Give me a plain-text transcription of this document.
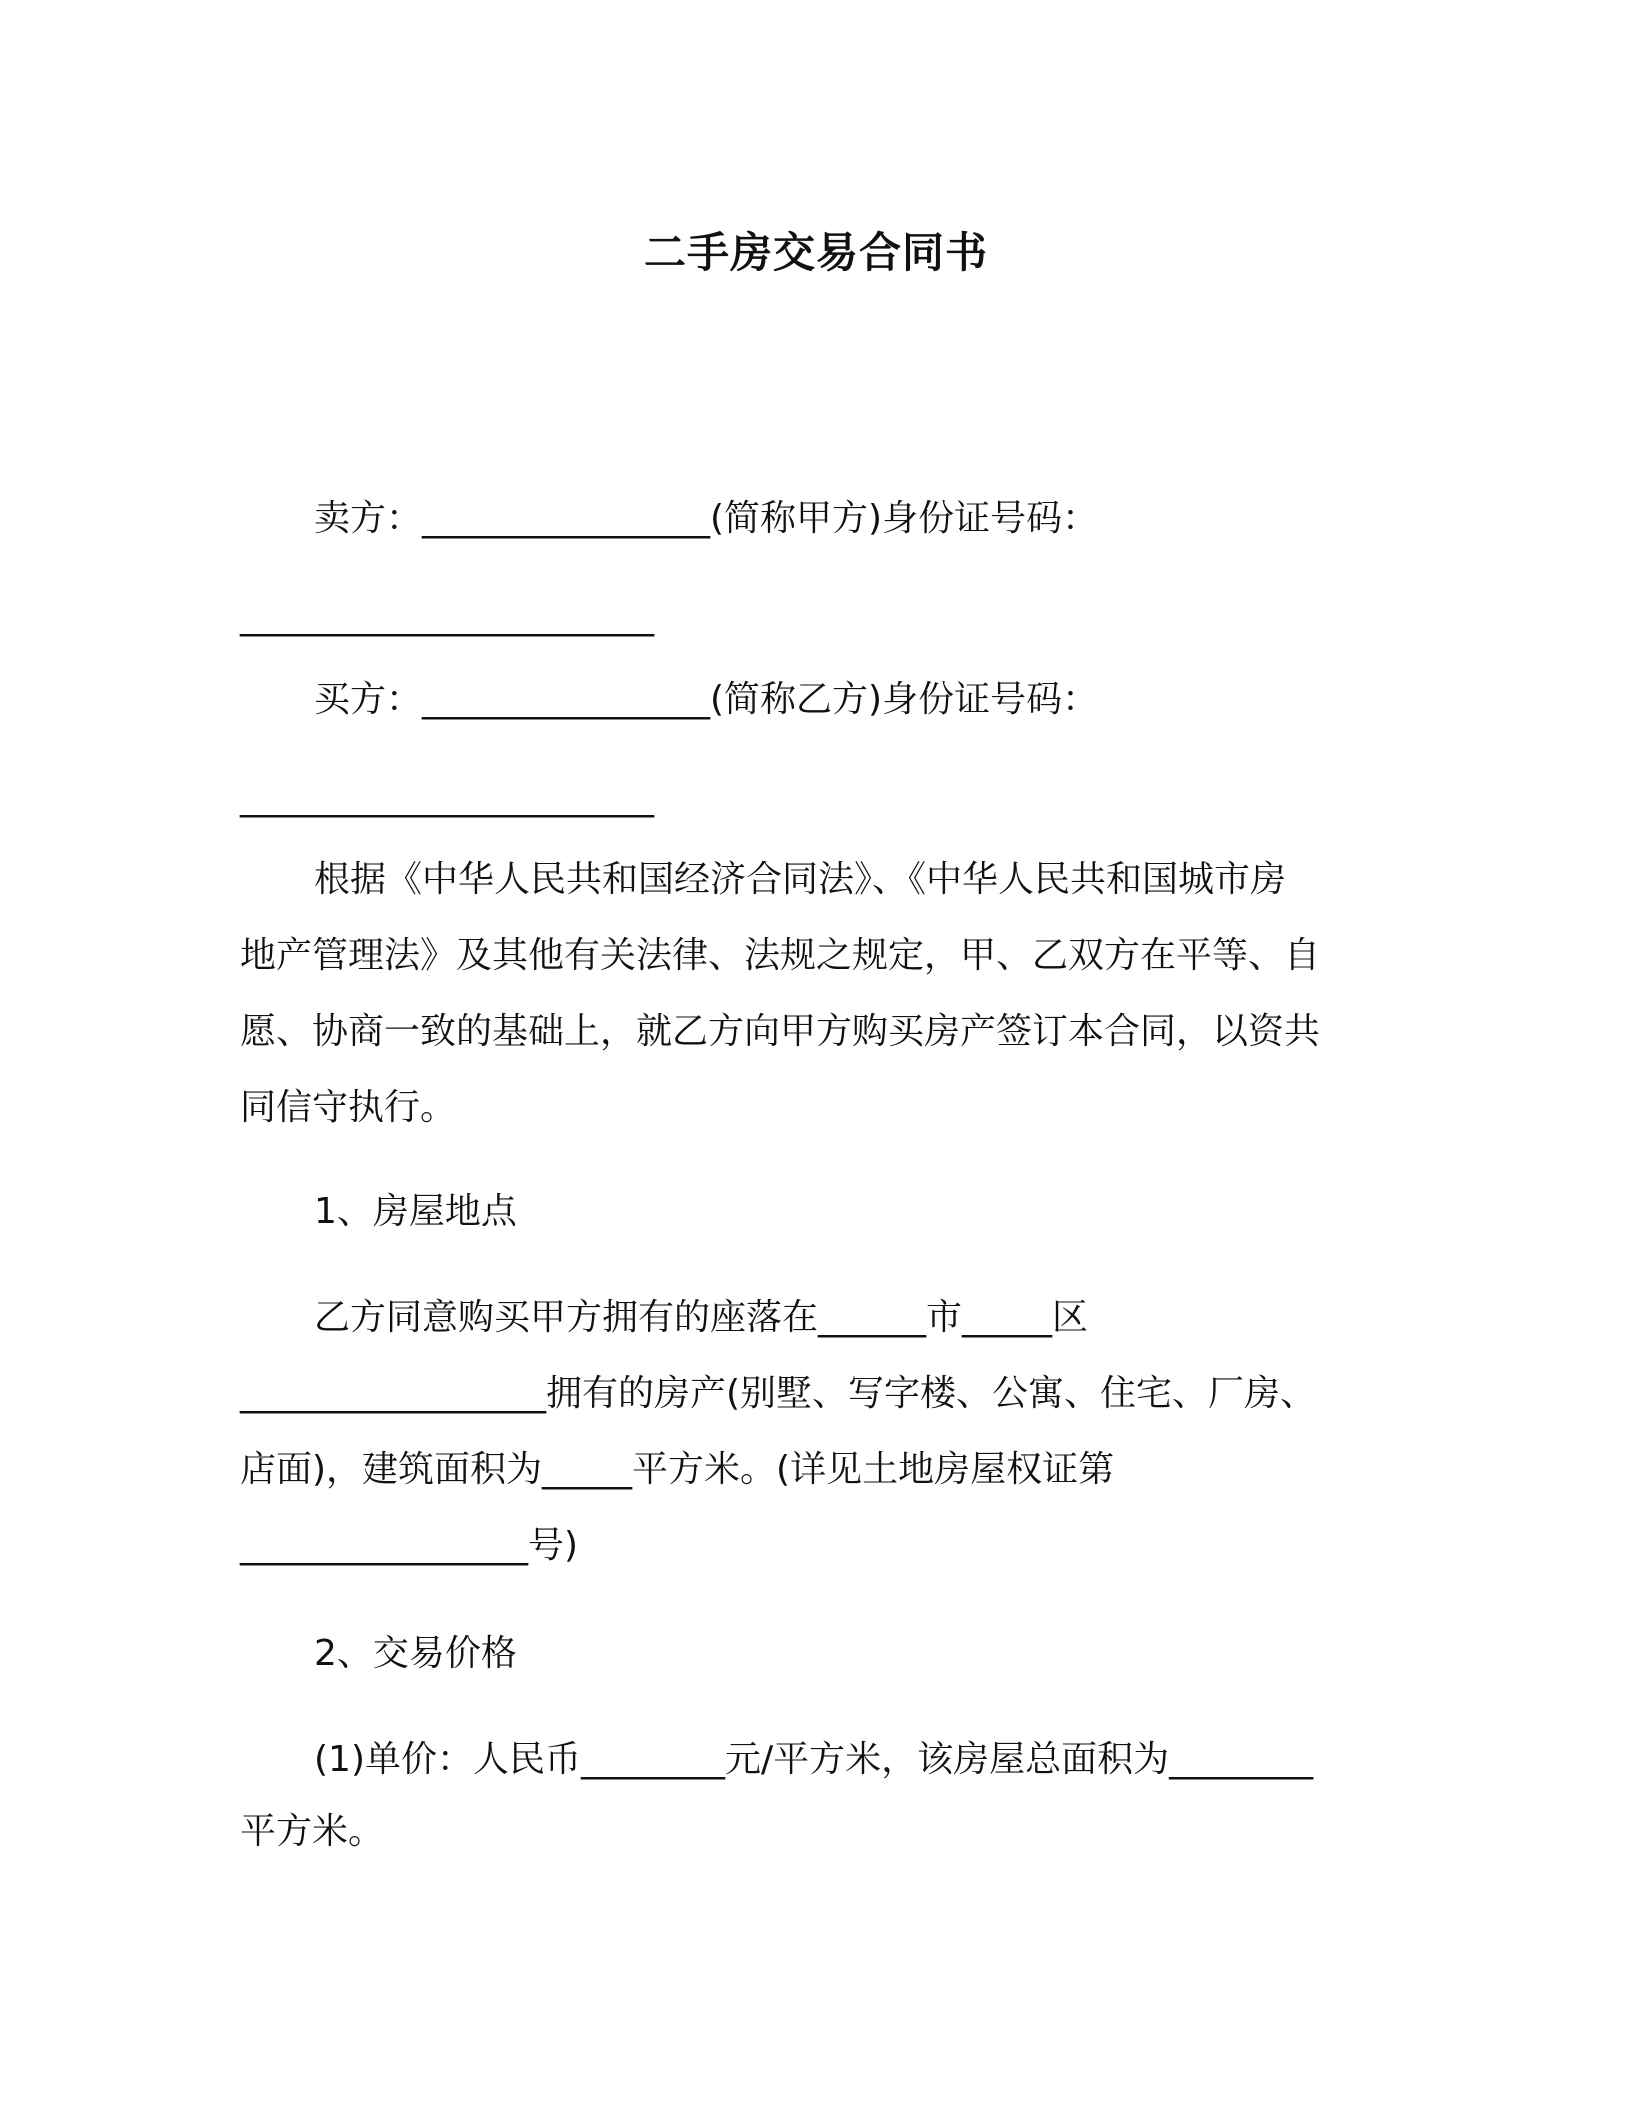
二手房交易合同书
卖方：________________(简称甲方)身份证号码：
_______________________
买方：________________(简称乙方)身份证号码：
_______________________
根据《中华人民共和国经济合同法》、《中华人民共和国城市房
地产管理法》及其他有关法律、法规之规定，甲、乙双方在平等、自
愿、协商一致的基础上，就乙方向甲方购买房产签订本合同，以资共
同信守执行。
1、房屋地点
乙方同意购买甲方拥有的座落在______市_____区
_________________拥有的房产(别墅、写字楼、公寓、住宅、厂房、
店面)，建筑面积为_____平方米。(详见土地房屋权证第
________________号)
2、交易价格
(1)单价：人民币________元/平方米，该房屋总面积为________
平方米。
